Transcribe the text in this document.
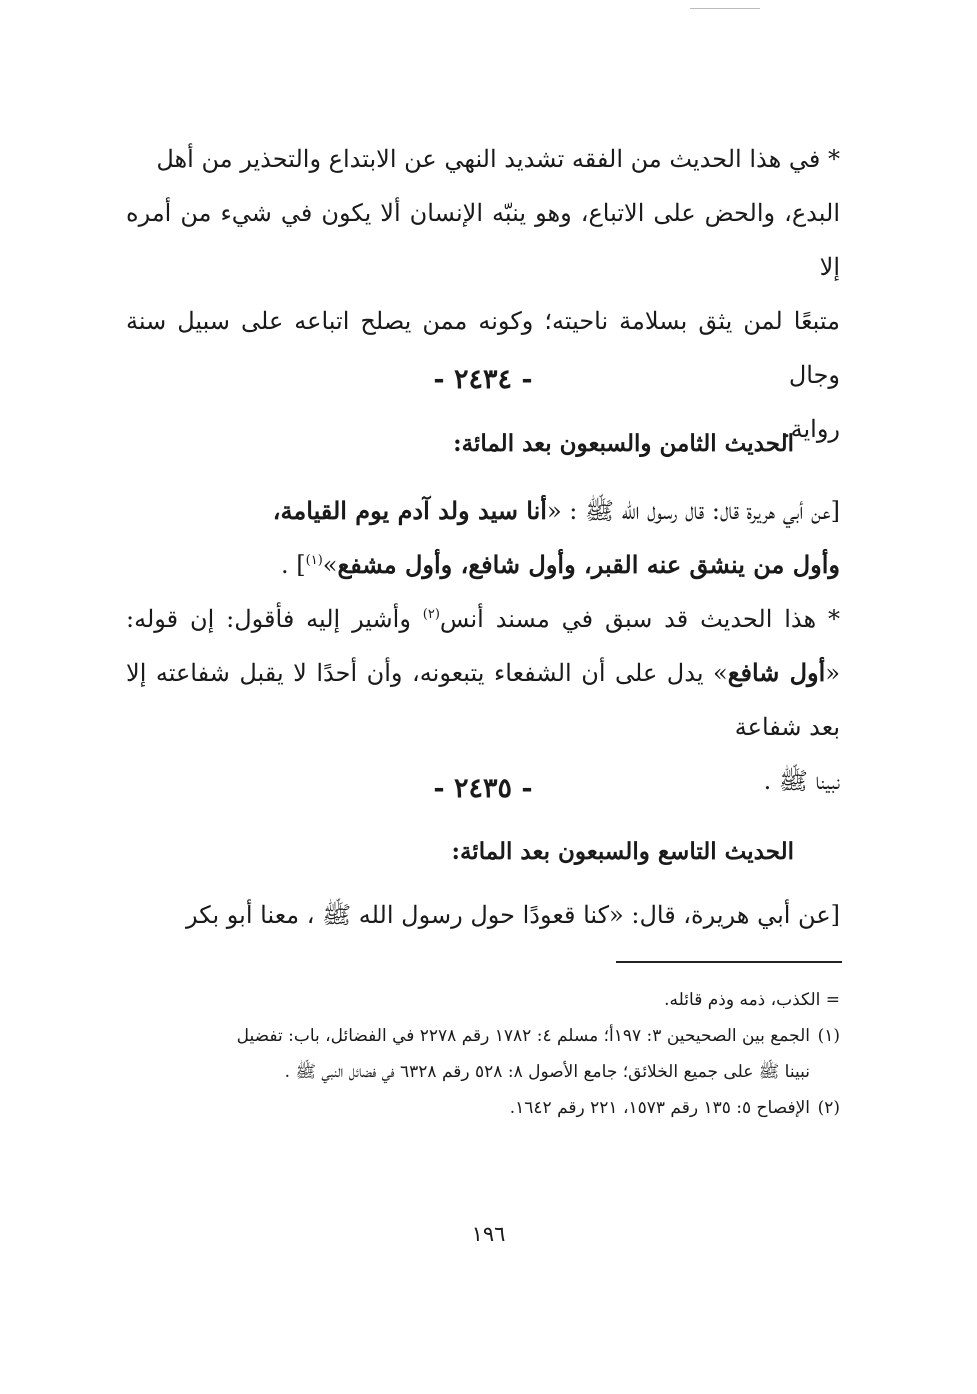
* في هذا الحديث من الفقه تشديد النهي عن الابتداع والتحذير من أهل

البدع، والحض على الاتباع، وهو ينبّه الإنسان ألا يكون في شيء من أمره إلا

متبعًا لمن يثق بسلامة ناحيته؛ وكونه ممن يصلح اتباعه على سبيل سنة وجال

رواية.

- ٢٤٣٤ -
الحديث الثامن والسبعون بعد المائة:

[عن أبي هريرة قال: قال رسول الله ﷺ : «أنا سيد ولد آدم يوم القيامة،

وأول من ينشق عنه القبر، وأول شافع، وأول مشفع»$^{(١)}$] .

* هذا الحديث قد سبق في مسند أنس$^{(٢)}$ وأشير إليه فأقول: إن قوله: «أول شافع» يدل على أن الشفعاء يتبعونه، وأن أحدًا لا يقبل شفاعته إلا بعد شفاعة

نبينا ﷺ .

- ٢٤٣٥ -
الحديث التاسع والسبعون بعد المائة:

[عن أبي هريرة، قال: «كنا قعودًا حول رسول الله ﷺ ، معنا أبو بكر

= الكذب، ذمه وذم قائله.

(١)الجمع بين الصحيحين ٣: ١٩٧أ؛ مسلم ٤: ١٧٨٢ رقم ٢٢٧٨ في الفضائل، باب: تفضيل

نبينا ﷺ على جميع الخلائق؛ جامع الأصول ٨: ٥٢٨ رقم ٦٣٢٨ في فضائل النبي ﷺ .

(٢)الإفصاح ٥: ١٣٥ رقم ١٥٧٣، ٢٢١ رقم ١٦٤٢.

١٩٦
